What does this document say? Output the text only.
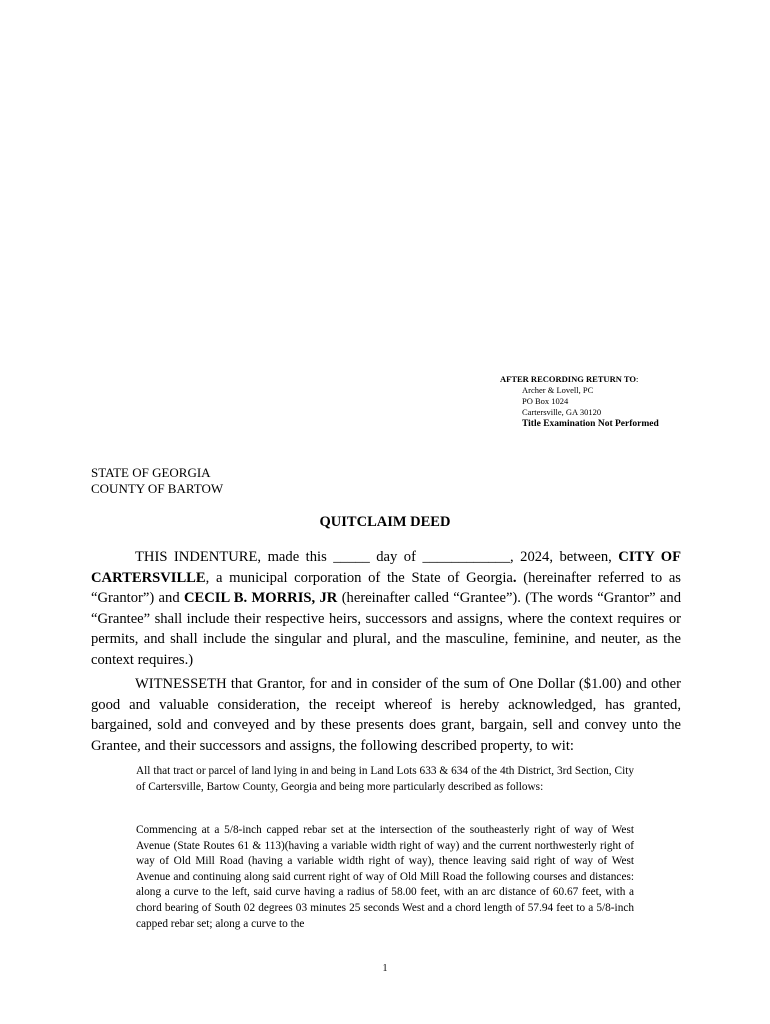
AFTER RECORDING RETURN TO:
Archer & Lovell, PC
PO Box 1024
Cartersville, GA 30120
Title Examination Not Performed
STATE OF GEORGIA
COUNTY OF BARTOW
QUITCLAIM DEED
THIS INDENTURE, made this _____ day of ____________, 2024, between, CITY OF CARTERSVILLE, a municipal corporation of the State of Georgia. (hereinafter referred to as “Grantor”) and CECIL B. MORRIS, JR (hereinafter called “Grantee”). (The words “Grantor” and “Grantee” shall include their respective heirs, successors and assigns, where the context requires or permits, and shall include the singular and plural, and the masculine, feminine, and neuter, as the context requires.)
WITNESSETH that Grantor, for and in consider of the sum of One Dollar ($1.00) and other good and valuable consideration, the receipt whereof is hereby acknowledged, has granted, bargained, sold and conveyed and by these presents does grant, bargain, sell and convey unto the Grantee, and their successors and assigns, the following described property, to wit:
All that tract or parcel of land lying in and being in Land Lots 633 & 634 of the 4th District, 3rd Section, City of Cartersville, Bartow County, Georgia and being more particularly described as follows:
Commencing at a 5/8-inch capped rebar set at the intersection of the southeasterly right of way of West Avenue (State Routes 61 & 113)(having a variable width right of way) and the current northwesterly right of way of Old Mill Road (having a variable width right of way), thence leaving said right of way of West Avenue and continuing along said current right of way of Old Mill Road the following courses and distances: along a curve to the left, said curve having a radius of 58.00 feet, with an arc distance of 60.67 feet, with a chord bearing of South 02 degrees 03 minutes 25 seconds West and a chord length of 57.94 feet to a 5/8-inch capped rebar set; along a curve to the
1
